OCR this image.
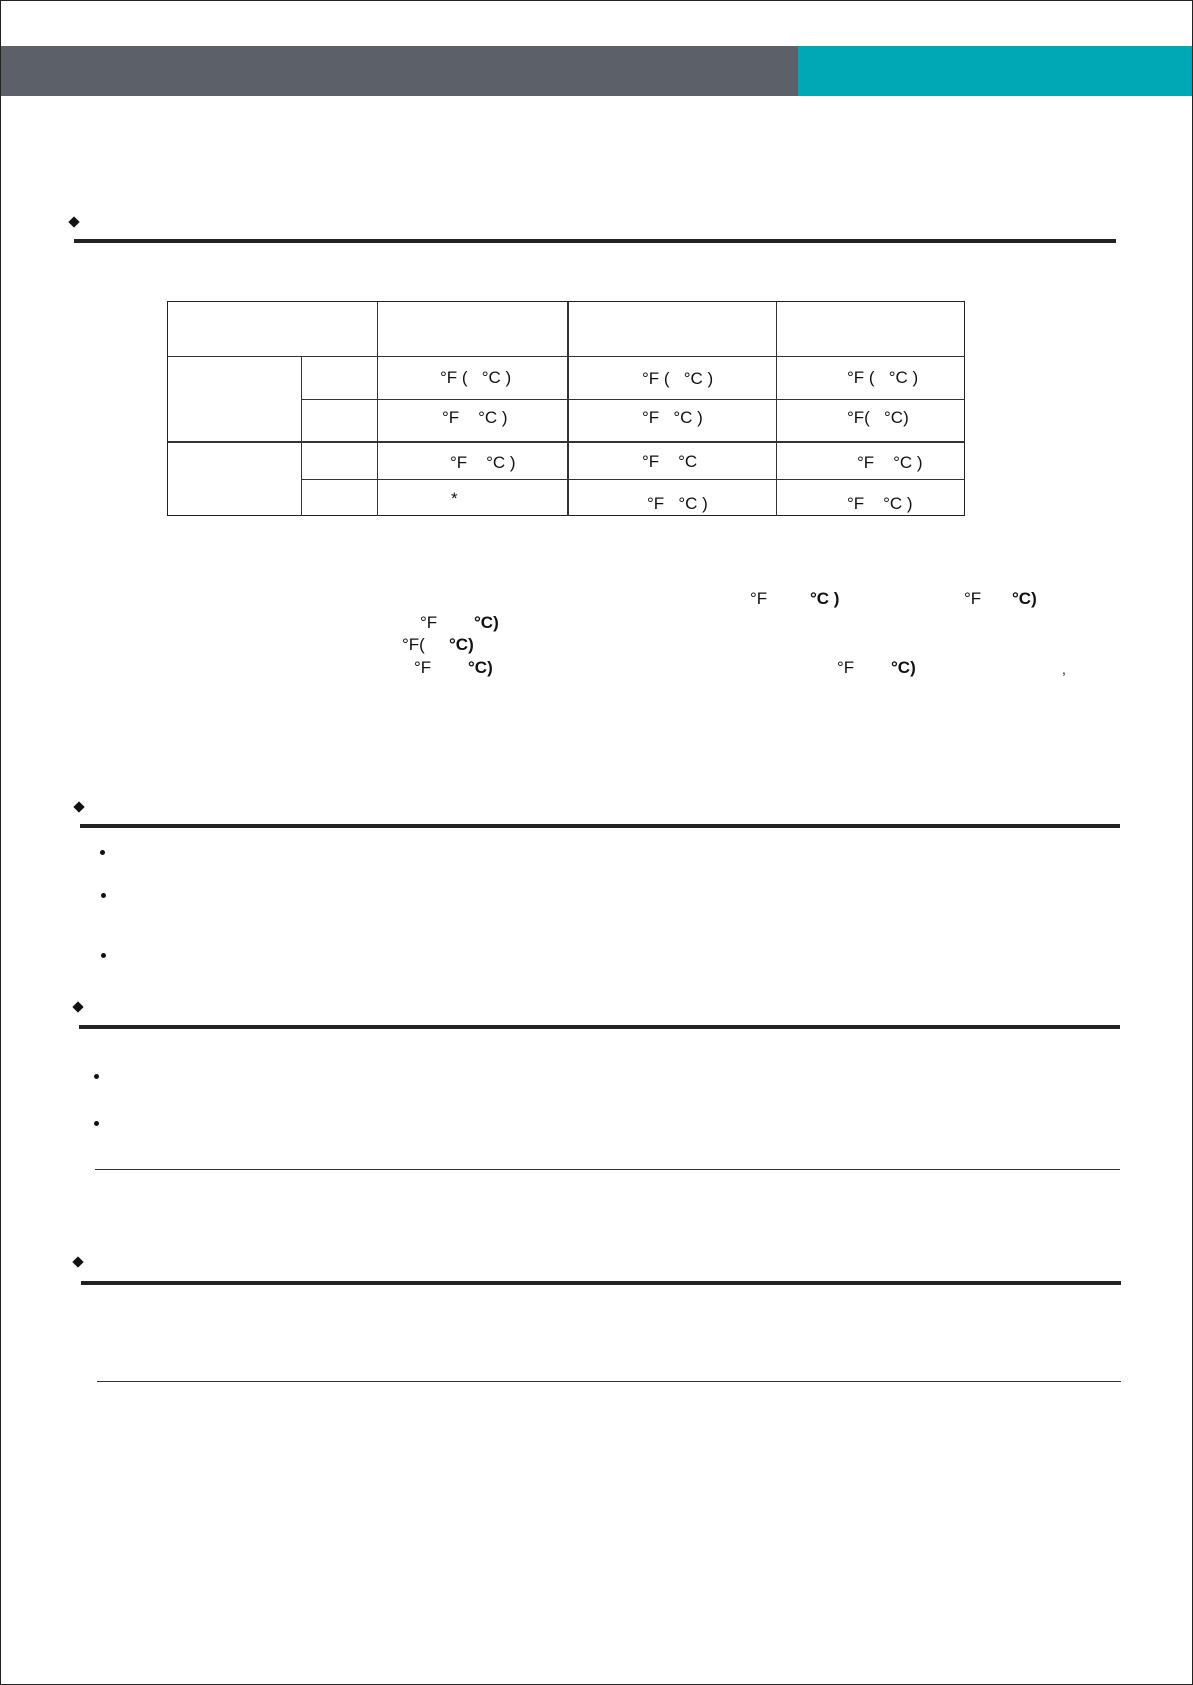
°F (   °C )	°F (   °C )	°F (   °C )
°F    °C )	°F   °C )	°F(   °C)
°F    °C )	°F    °C	°F    °C )
*	°F   °C )	°F    °C )
°F	°C )	°F °C)
°F °C)
°F( °C)
°F °C)	°F °C)	,
